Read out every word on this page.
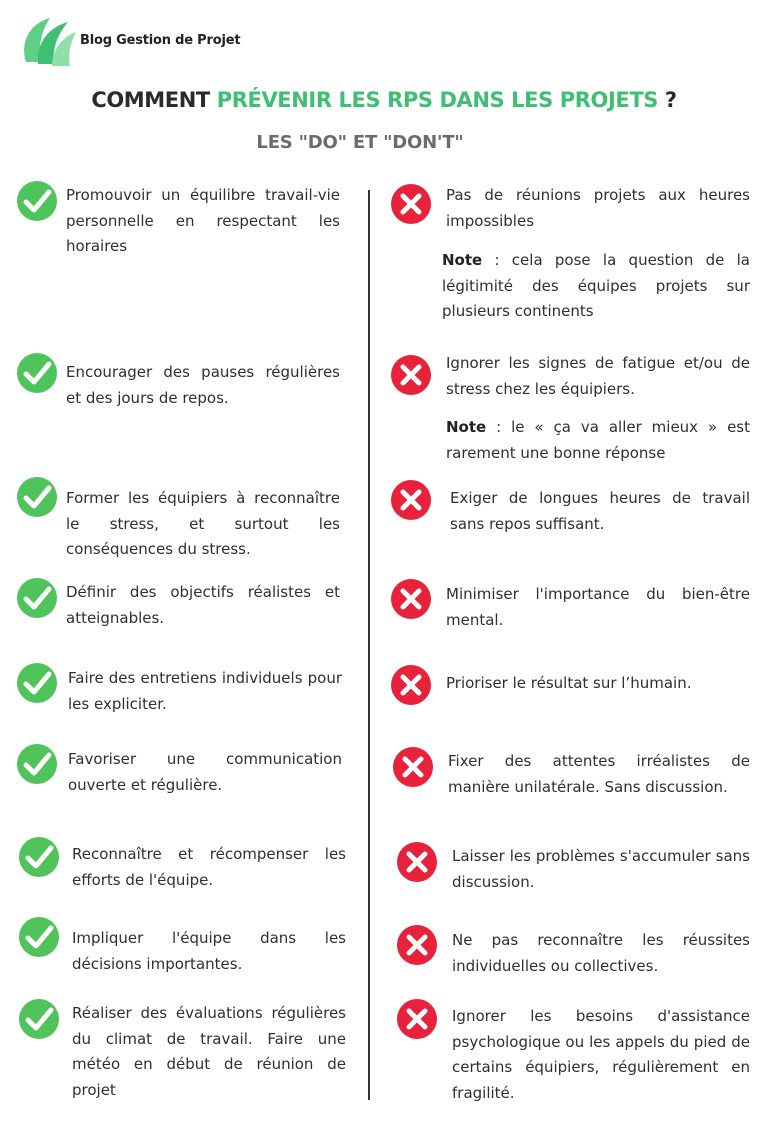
Blog Gestion de Projet
COMMENT PRÉVENIR LES RPS DANS LES PROJETS ?
LES "DO" ET "DON'T"
Promouvoir un équilibre travail-vie personnelle en respectant les horaires
Encourager des pauses régulières et des jours de repos.
Former les équipiers à reconnaître le stress, et surtout les conséquences du stress.
Définir des objectifs réalistes et atteignables.
Faire des entretiens individuels pour les expliciter.
Favoriser une communication ouverte et régulière.
Reconnaître et récompenser les efforts de l'équipe.
Impliquer l'équipe dans les décisions importantes.
Réaliser des évaluations régulières du climat de travail. Faire une météo en début de réunion de projet
Pas de réunions projets aux heures impossibles
Note : cela pose la question de la légitimité des équipes projets sur plusieurs continents
Ignorer les signes de fatigue et/ou de stress chez les équipiers.
Note : le « ça va aller mieux » est rarement une bonne réponse
Exiger de longues heures de travail sans repos suffisant.
Minimiser l'importance du bien-être mental.
Prioriser le résultat sur l’humain.
Fixer des attentes irréalistes de manière unilatérale. Sans discussion.
Laisser les problèmes s'accumuler sans discussion.
Ne pas reconnaître les réussites individuelles ou collectives.
Ignorer les besoins d'assistance psychologique ou les appels du pied de certains équipiers, régulièrement en fragilité.
